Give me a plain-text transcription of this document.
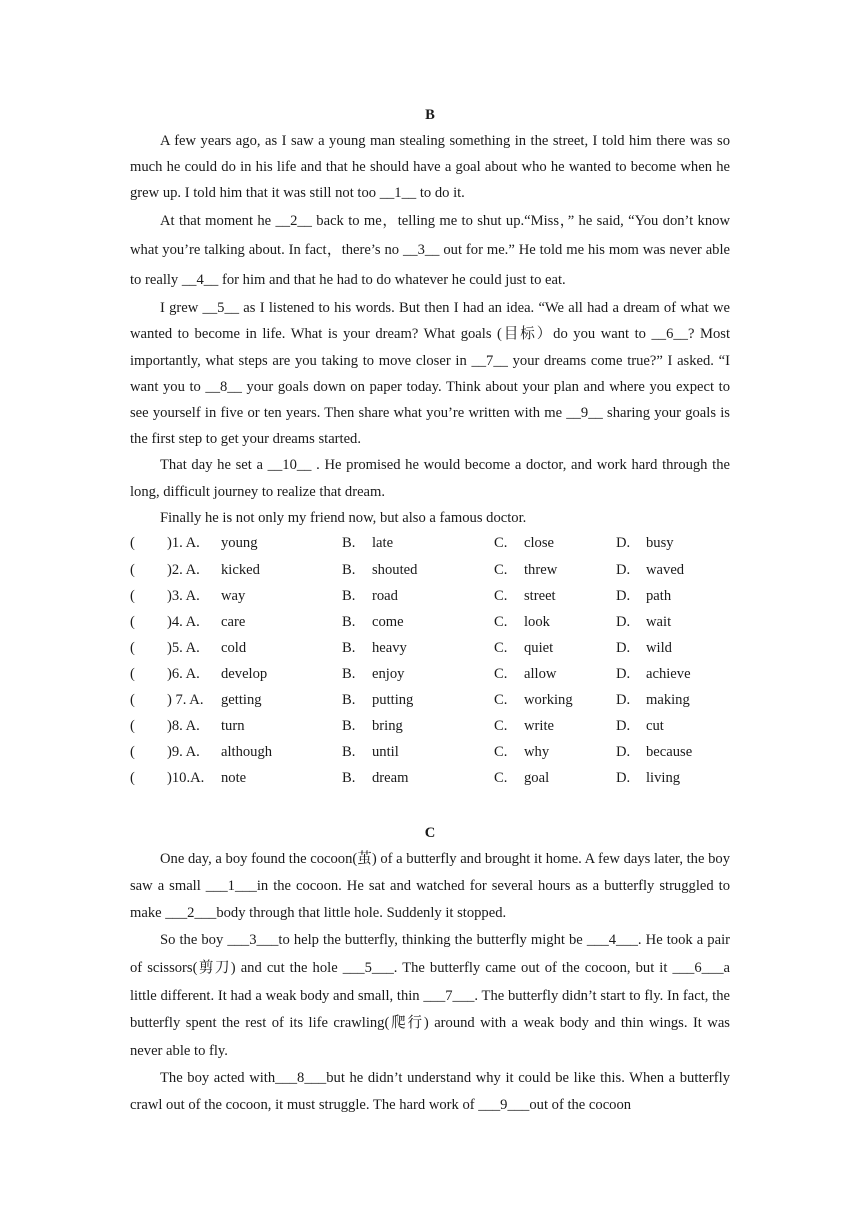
B

A few years ago, as I saw a young man stealing something in the street, I told him there was so much he could do in his life and that he should have a goal about who he wanted to become when he grew up. I told him that it was still not too __1__ to do it.

At that moment he __2__ back to me，telling me to shut up.“Miss，” he said, “You don’t know what you’re talking about. In fact，there’s no __3__ out for me.” He told me his mom was never able to really __4__ for him and that he had to do whatever he could just to eat.

I grew __5__ as I listened to his words. But then I had an idea. “We all had a dream of what we wanted to become in life. What is your dream? What goals (目标）do you want to __6__? Most importantly, what steps are you taking to move closer in __7__ your dreams come true?” I asked. “I want you to __8__ your goals down on paper today. Think about your plan and where you expect to see yourself in five or ten years. Then share what you’re written with me __9__ sharing your goals is the first step to get your dreams started.

That day he set a __10__ . He promised he would become a doctor, and work hard through the long, difficult journey to realize that dream.

Finally he is not only my friend now, but also a famous doctor.

(	)1. A.	young	B.	late	C.	close	D.	busy
(	)2. A.	kicked	B.	shouted	C.	threw	D.	waved
(	)3. A.	way	B.	road	C.	street	D.	path
(	)4. A.	care	B.	come	C.	look	D.	wait
(	)5. A.	cold	B.	heavy	C.	quiet	D.	wild
(	)6. A.	develop	B.	enjoy	C.	allow	D.	achieve
(	) 7. A.	getting	B.	putting	C.	working	D.	making
(	)8. A.	turn	B.	bring	C.	write	D.	cut
(	)9. A.	although	B.	until	C.	why	D.	because
(	)10.A.	note	B.	dream	C.	goal	D.	living
C

One day, a boy found the cocoon(茧) of a butterfly and brought it home. A few days later, the boy saw a small ___1___in the cocoon. He sat and watched for several hours as a butterfly struggled to make ___2___body through that little hole. Suddenly it stopped.

So the boy ___3___to help the butterfly, thinking the butterfly might be ___4___. He took a pair of scissors(剪刀) and cut the hole ___5___. The butterfly came out of the cocoon, but it ___6___a little different. It had a weak body and small, thin ___7___. The butterfly didn’t start to fly. In fact, the butterfly spent the rest of its life crawling(爬行) around with a weak body and thin wings. It was never able to fly.

The boy acted with___8___but he didn’t understand why it could be like this. When a butterfly crawl out of the cocoon, it must struggle. The hard work of ___9___out of the cocoon
